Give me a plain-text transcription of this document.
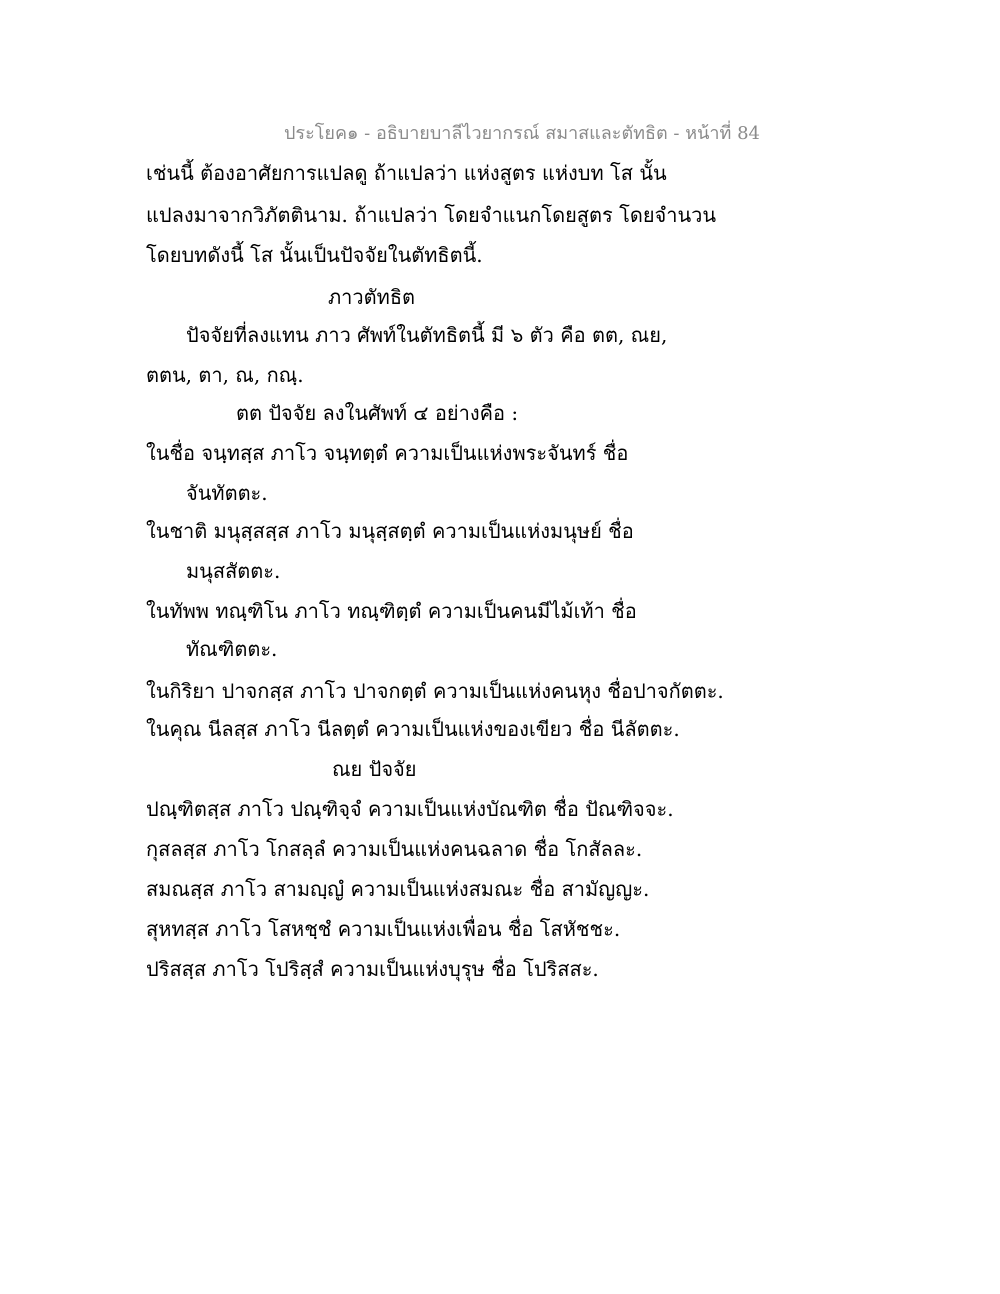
ประโยค๑ - อธิบายบาลีไวยากรณ์ สมาสและตัทธิต - หน้าที่ 84
เช่นนี้ ต้องอาศัยการแปลดู ถ้าแปลว่า แห่งสูตร แห่งบท โส นั้น
แปลงมาจากวิภัตตินาม. ถ้าแปลว่า โดยจำแนกโดยสูตร โดยจำนวน
โดยบทดังนี้ โส นั้นเป็นปัจจัยในตัทธิตนี้.
ภาวตัทธิต
ปัจจัยที่ลงแทน ภาว ศัพท์ในตัทธิตนี้ มี ๖ ตัว คือ ตต, ณย,
ตตน, ตา, ณ, กณฺ.
ตต ปัจจัย ลงในศัพท์ ๔ อย่างคือ :
ในชื่อ จนฺทสฺส ภาโว จนฺทตฺตํ ความเป็นแห่งพระจันทร์ ชื่อ
จันทัตตะ.
ในชาติ มนุสฺสสฺส ภาโว มนุสฺสตฺตํ ความเป็นแห่งมนุษย์ ชื่อ
มนุสสัตตะ.
ในทัพพ ทณฺฑิโน ภาโว ทณฺฑิตฺตํ ความเป็นคนมีไม้เท้า ชื่อ
ทัณฑิตตะ.
ในกิริยา ปาจกสฺส ภาโว ปาจกตฺตํ ความเป็นแห่งคนหุง ชื่อปาจกัตตะ.
ในคุณ นีลสฺส ภาโว นีลตฺตํ ความเป็นแห่งของเขียว ชื่อ นีลัตตะ.
ณย ปัจจัย
ปณฺฑิตสฺส ภาโว ปณฺฑิจฺจํ ความเป็นแห่งบัณฑิต ชื่อ ปัณฑิจจะ.
กุสลสฺส ภาโว โกสลฺลํ ความเป็นแห่งคนฉลาด ชื่อ โกสัลละ.
สมณสฺส ภาโว สามญฺญํ ความเป็นแห่งสมณะ ชื่อ สามัญญะ.
สุหทสฺส ภาโว โสหชฺชํ ความเป็นแห่งเพื่อน ชื่อ โสหัชชะ.
ปริสสฺส ภาโว โปริสฺสํ ความเป็นแห่งบุรุษ ชื่อ โปริสสะ.
